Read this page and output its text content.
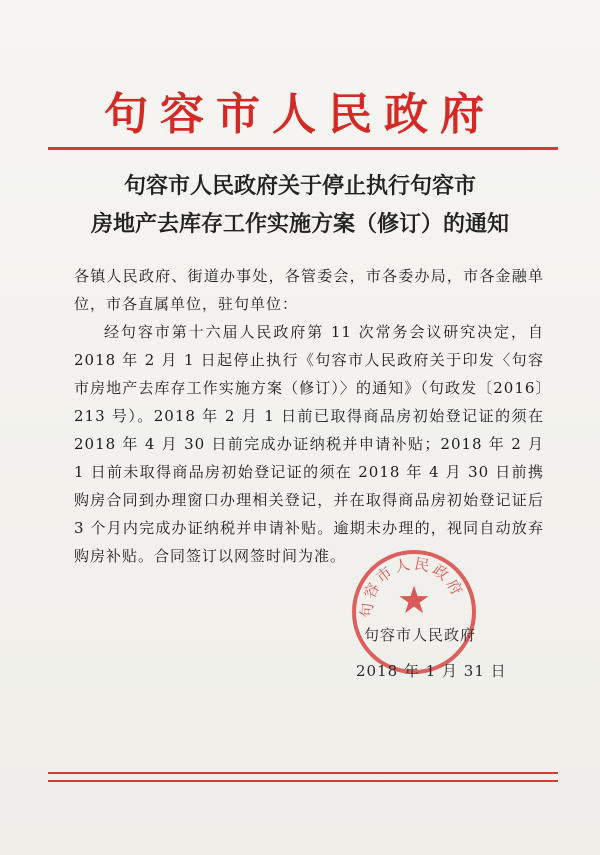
句容市人民政府
句容市人民政府关于停止执行句容市
房地产去库存工作实施方案（修订）的通知
各镇人民政府、街道办事处，各管委会，市各委办局，市各金融单位，市各直属单位，驻句单位：
经句容市第十六届人民政府第 11 次常务会议研究决定，自 2018 年 2 月 1 日起停止执行《句容市人民政府关于印发〈句容市房地产去库存工作实施方案（修订）〉的通知》（句政发〔2016〕213 号）。2018 年 2 月 1 日前已取得商品房初始登记证的须在 2018 年 4 月 30 日前完成办证纳税并申请补贴；2018 年 2 月 1 日前未取得商品房初始登记证的须在 2018 年 4 月 30 日前携购房合同到办理窗口办理相关登记，并在取得商品房初始登记证后 3 个月内完成办证纳税并申请补贴。逾期未办理的，视同自动放弃购房补贴。合同签订以网签时间为准。
句容市人民政府
★
句容市人民政府
2018 年 1 月 31 日
